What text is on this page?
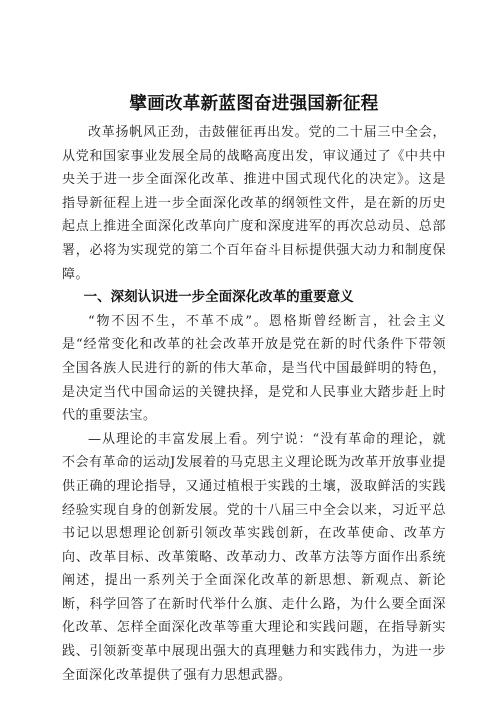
擘画改革新蓝图奋进强国新征程

改革扬帆风正劲，击鼓催征再出发。党的二十届三中全会，从党和国家事业发展全局的战略高度出发，审议通过了《中共中央关于进一步全面深化改革、推进中国式现代化的决定》。这是指导新征程上进一步全面深化改革的纲领性文件，是在新的历史起点上推进全面深化改革向广度和深度进军的再次总动员、总部署，必将为实现党的第二个百年奋斗目标提供强大动力和制度保障。

一、深刻认识进一步全面深化改革的重要意义

“物不因不生，不革不成”。恩格斯曾经断言，社会主义是“经常变化和改革的社会改革开放是党在新的时代条件下带领全国各族人民进行的新的伟大革命，是当代中国最鲜明的特色，是决定当代中国命运的关键抉择，是党和人民事业大踏步赶上时代的重要法宝。

—从理论的丰富发展上看。列宁说：“没有革命的理论，就不会有革命的运动J发展着的马克思主义理论既为改革开放事业提供正确的理论指导，又通过植根于实践的土壤，汲取鲜活的实践经验实现自身的创新发展。党的十八届三中全会以来，习近平总书记以思想理论创新引领改革实践创新，在改革使命、改革方向、改革目标、改革策略、改革动力、改革方法等方面作出系统阐述，提出一系列关于全面深化改革的新思想、新观点、新论断，科学回答了在新时代举什么旗、走什么路，为什么要全面深化改革、怎样全面深化改革等重大理论和实践问题，在指导新实践、引领新变革中展现出强大的真理魅力和实践伟力，为进一步全面深化改革提供了强有力思想武器。
